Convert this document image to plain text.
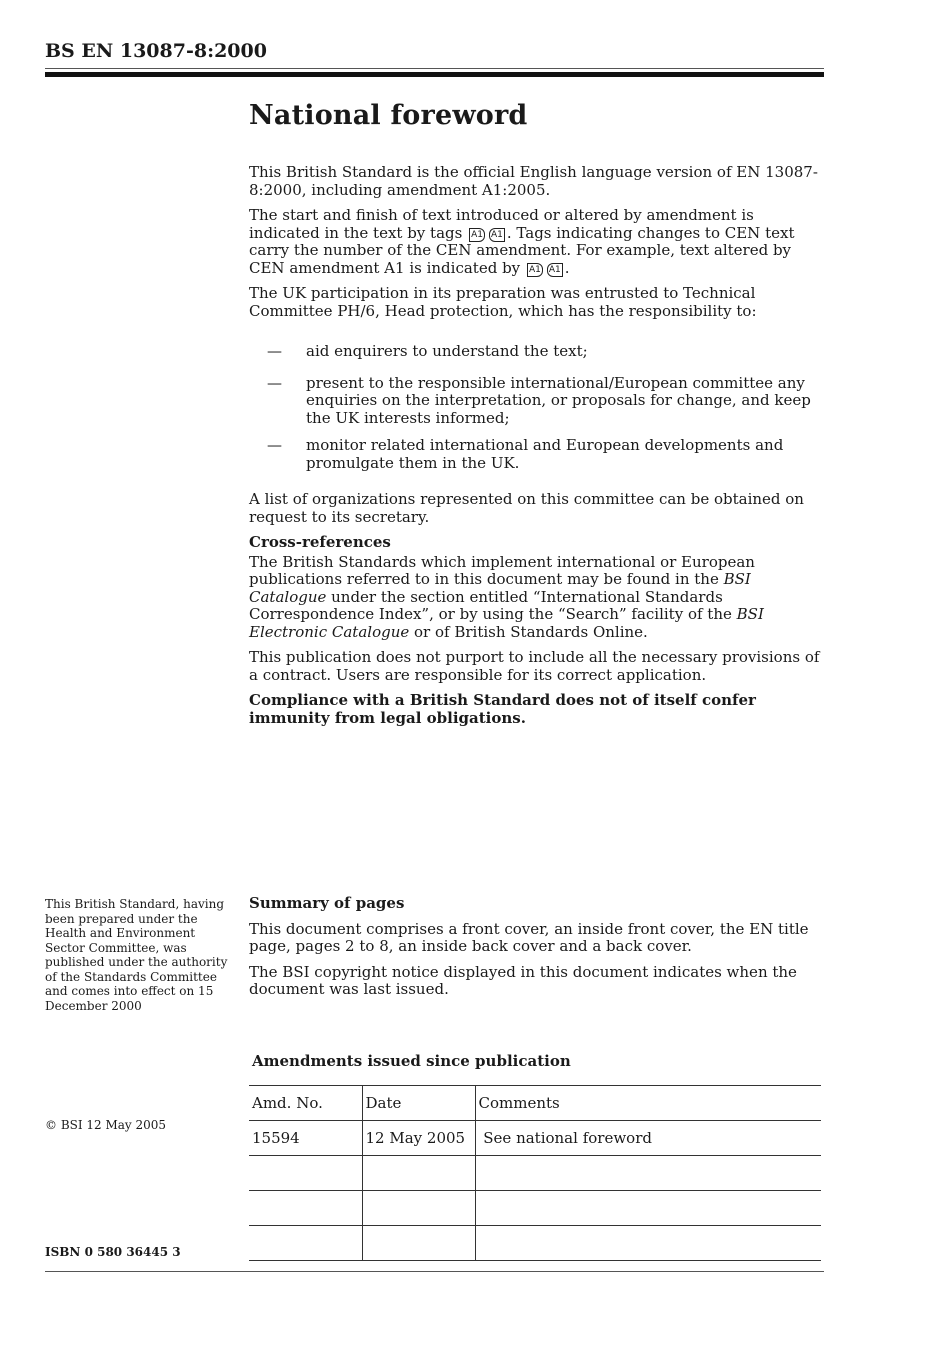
BS EN 13087-8:2000
National foreword

This British Standard is the official English language version of EN 13087-8:2000, including amendment A1:2005.

The start and finish of text introduced or altered by amendment is indicated in the text by tags A1 A1 . Tags indicating changes to CEN text carry the number of the CEN amendment. For example, text altered by CEN amendment A1 is indicated by A1 A1 .

The UK participation in its preparation was entrusted to Technical Committee PH/6, Head protection, which has the responsibility to:

— aid enquirers to understand the text;
— present to the responsible international/European committee any enquiries on the interpretation, or proposals for change, and keep the UK interests informed;
— monitor related international and European developments and promulgate them in the UK.

A list of organizations represented on this committee can be obtained on request to its secretary.

Cross-references

The British Standards which implement international or European publications referred to in this document may be found in the BSI Catalogue under the section entitled “International Standards Correspondence Index”, or by using the “Search” facility of the BSI Electronic Catalogue or of British Standards Online.

This publication does not purport to include all the necessary provisions of a contract. Users are responsible for its correct application.

Compliance with a British Standard does not of itself confer immunity from legal obligations.

Summary of pages

This document comprises a front cover, an inside front cover, the EN title page, pages 2 to 8, an inside back cover and a back cover.

The BSI copyright notice displayed in this document indicates when the document was last issued.

This British Standard, having been prepared under the Health and Environment Sector Committee, was published under the authority of the Standards Committee and comes into effect on 15 December 2000
© BSI 12 May 2005
ISBN 0 580 36445 3
Amendments issued since publication
Amd. No.	Date	Comments
15594	12 May 2005	See national foreword
